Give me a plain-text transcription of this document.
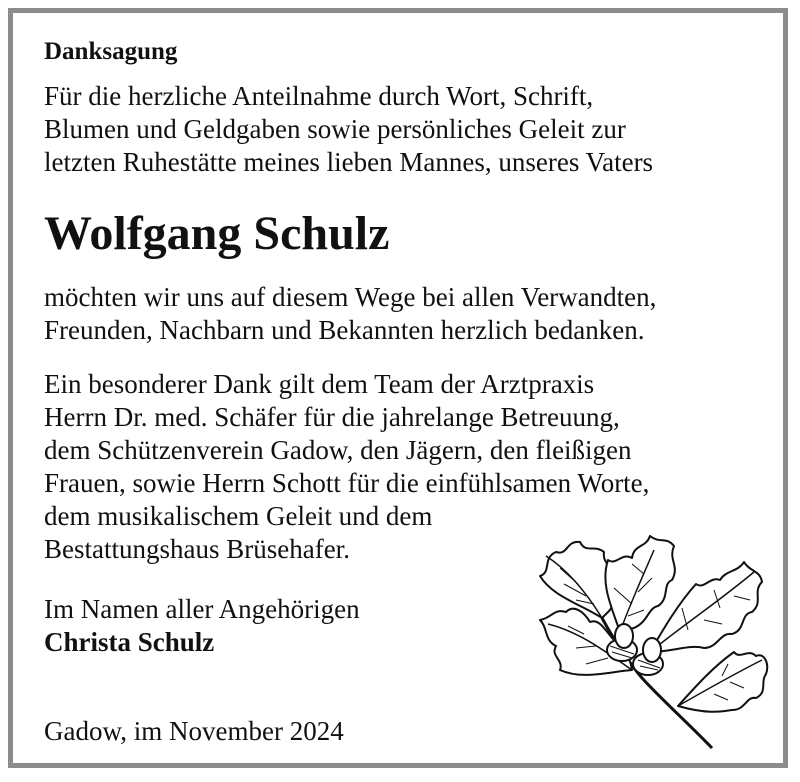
Danksagung

Für die herzliche Anteilnahme durch Wort, Schrift,
Blumen und Geldgaben sowie persönliches Geleit zur
letzten Ruhestätte meines lieben Mannes, unseres Vaters
Wolfgang Schulz
möchten wir uns auf diesem Wege bei allen Verwandten,
Freunden, Nachbarn und Bekannten herzlich bedanken.
Ein besonderer Dank gilt dem Team der Arztpraxis
Herrn Dr. med. Schäfer für die jahrelange Betreuung,
dem Schützenverein Gadow, den Jägern, den fleißigen
Frauen, sowie Herrn Schott für die einfühlsamen Worte,
dem musikalischem Geleit und dem
Bestattungshaus Brüsehafer.
Im Namen aller Angehörigen
Christa Schulz
Gadow, im November 2024
